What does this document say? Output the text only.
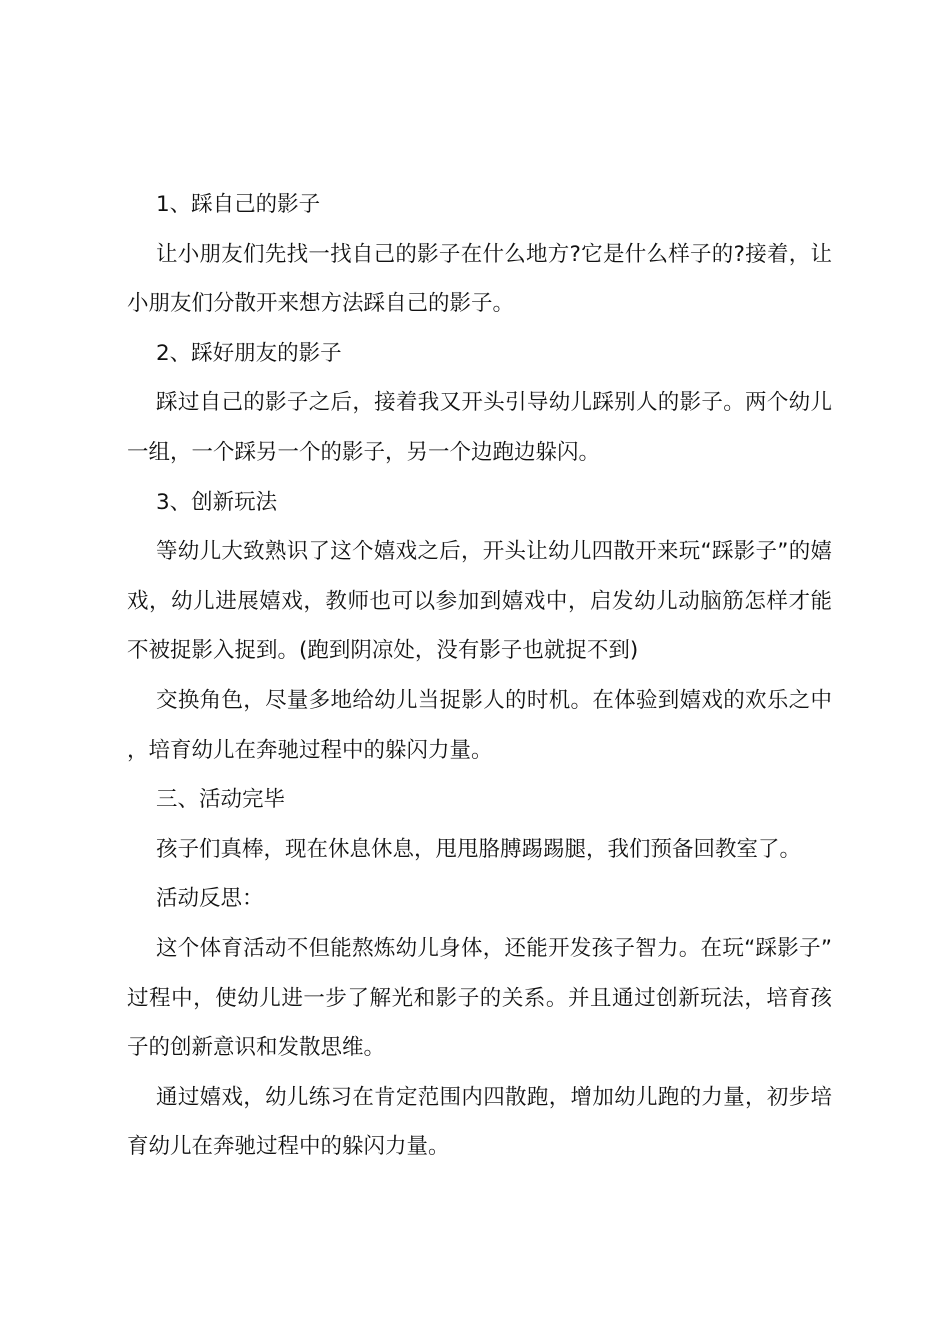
1、踩自己的影子

让小朋友们先找一找自己的影子在什么地方?它是什么样子的?接着，让小朋友们分散开来想方法踩自己的影子。

2、踩好朋友的影子

踩过自己的影子之后，接着我又开头引导幼儿踩别人的影子。两个幼儿一组，一个踩另一个的影子，另一个边跑边躲闪。

3、创新玩法

等幼儿大致熟识了这个嬉戏之后，开头让幼儿四散开来玩“踩影子”的嬉戏，幼儿进展嬉戏，教师也可以参加到嬉戏中，启发幼儿动脑筋怎样才能不被捉影入捉到。(跑到阴凉处，没有影子也就捉不到)

交换角色，尽量多地给幼儿当捉影人的时机。在体验到嬉戏的欢乐之中，培育幼儿在奔驰过程中的躲闪力量。

三、活动完毕

孩子们真棒，现在休息休息，甩甩胳膊踢踢腿，我们预备回教室了。

活动反思：

这个体育活动不但能熬炼幼儿身体，还能开发孩子智力。在玩“踩影子”过程中，使幼儿进一步了解光和影子的关系。并且通过创新玩法，培育孩子的创新意识和发散思维。

通过嬉戏，幼儿练习在肯定范围内四散跑，增加幼儿跑的力量，初步培育幼儿在奔驰过程中的躲闪力量。
